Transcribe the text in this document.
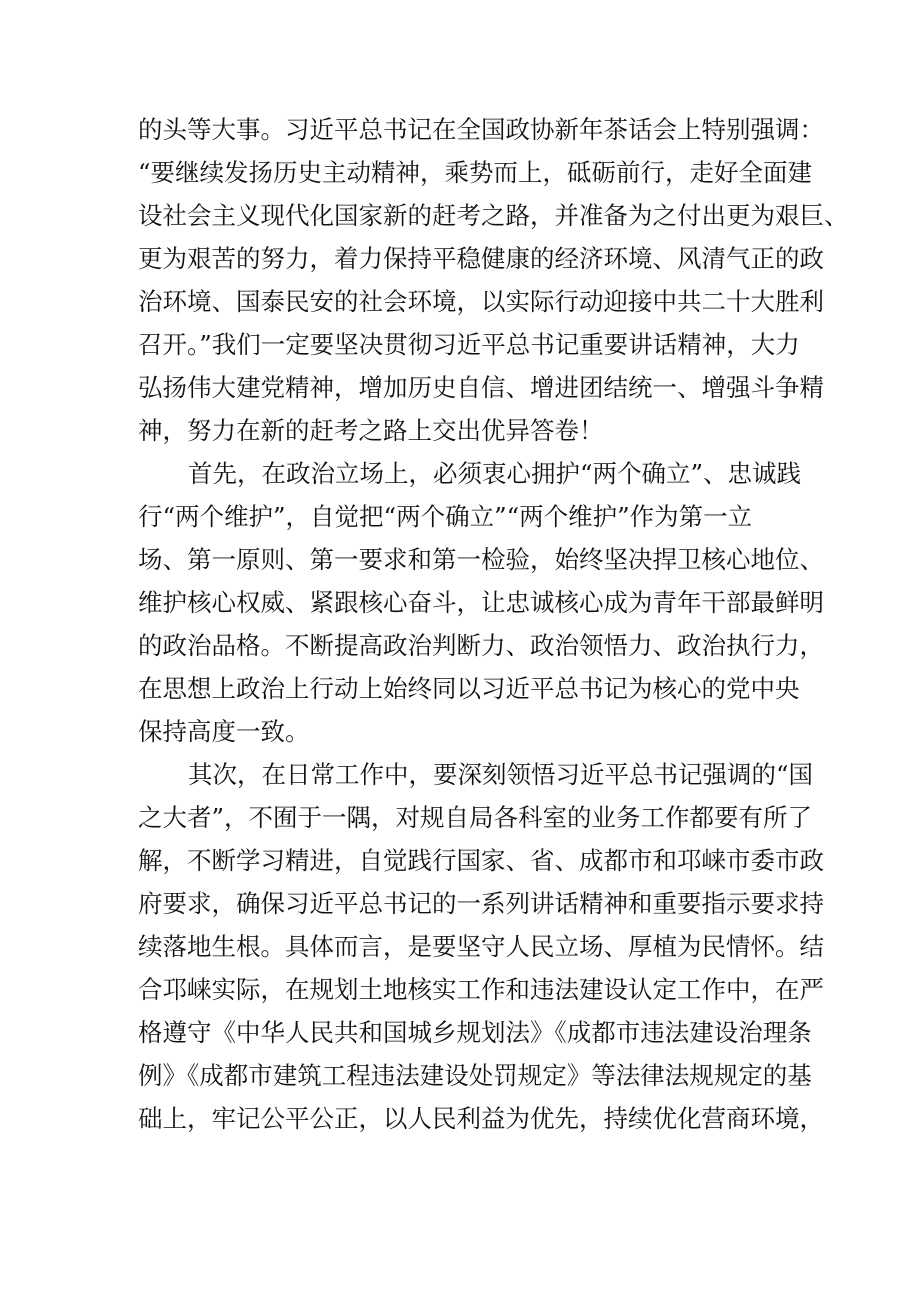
的头等大事。习近平总书记在全国政协新年茶话会上特别强调：
“要继续发扬历史主动精神，乘势而上，砥砺前行，走好全面建
设社会主义现代化国家新的赶考之路，并准备为之付出更为艰巨、
更为艰苦的努力，着力保持平稳健康的经济环境、风清气正的政
治环境、国泰民安的社会环境，以实际行动迎接中共二十大胜利
召开。”我们一定要坚决贯彻习近平总书记重要讲话精神，大力
弘扬伟大建党精神，增加历史自信、增进团结统一、增强斗争精
神，努力在新的赶考之路上交出优异答卷！
首先，在政治立场上，必须衷心拥护“两个确立”、忠诚践
行“两个维护”，自觉把“两个确立”“两个维护”作为第一立
场、第一原则、第一要求和第一检验，始终坚决捍卫核心地位、
维护核心权威、紧跟核心奋斗，让忠诚核心成为青年干部最鲜明
的政治品格。不断提高政治判断力、政治领悟力、政治执行力，
在思想上政治上行动上始终同以习近平总书记为核心的党中央
保持高度一致。
其次，在日常工作中，要深刻领悟习近平总书记强调的“国
之大者”，不囿于一隅，对规自局各科室的业务工作都要有所了
解，不断学习精进，自觉践行国家、省、成都市和邛崃市委市政
府要求，确保习近平总书记的一系列讲话精神和重要指示要求持
续落地生根。具体而言，是要坚守人民立场、厚植为民情怀。结
合邛崃实际，在规划土地核实工作和违法建设认定工作中，在严
格遵守《中华人民共和国城乡规划法》《成都市违法建设治理条
例》《成都市建筑工程违法建设处罚规定》等法律法规规定的基
础上，牢记公平公正，以人民利益为优先，持续优化营商环境，
